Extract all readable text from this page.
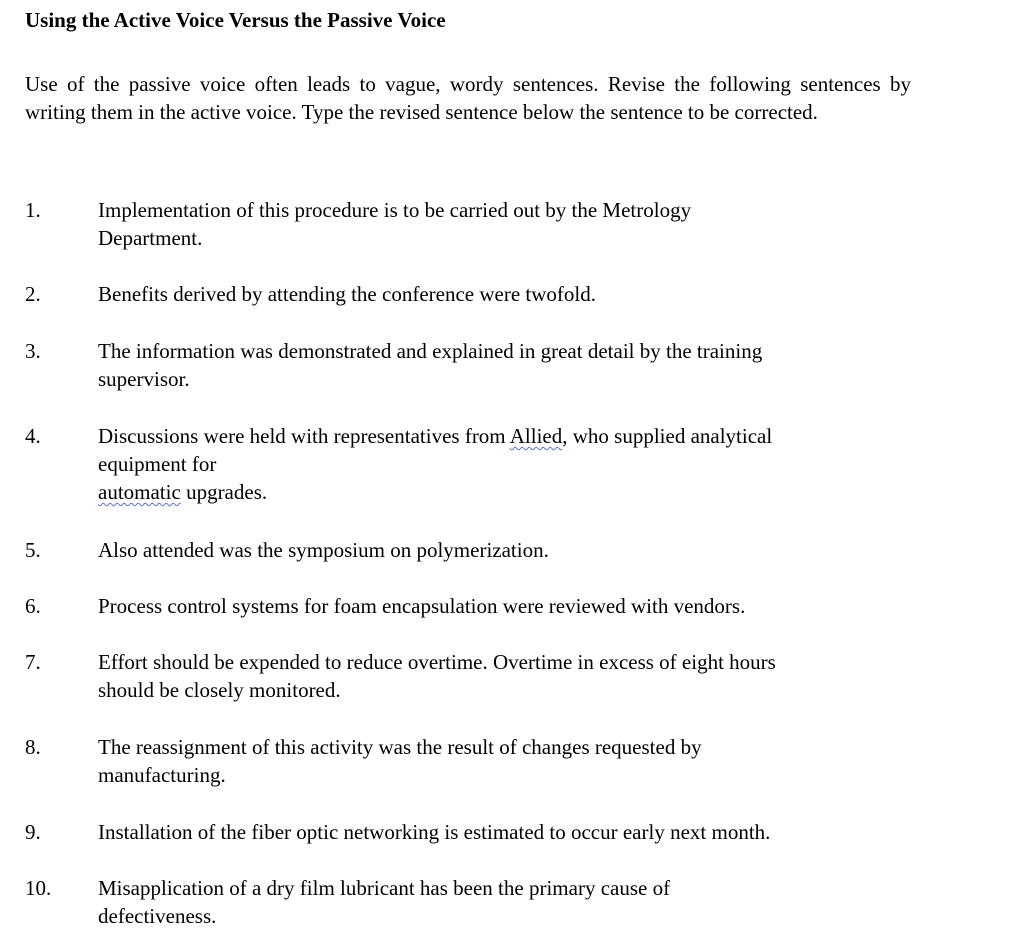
Using the Active Voice Versus the Passive Voice

Use of the passive voice often leads to vague, wordy sentences. Revise the following sentences by writing them in the active voice. Type the revised sentence below the sentence to be corrected.

1.	Implementation of this procedure is to be carried out by the Metrology
Department.
2.	Benefits derived by attending the conference were twofold.
3.	The information was demonstrated and explained in great detail by the training
supervisor.
4.	Discussions were held with representatives from Allied, who supplied analytical
equipment for
automatic upgrades.
5.	Also attended was the symposium on polymerization.
6.	Process control systems for foam encapsulation were reviewed with vendors.
7.	Effort should be expended to reduce overtime. Overtime in excess of eight hours
should be closely monitored.
8.	The reassignment of this activity was the result of changes requested by
manufacturing.
9.	Installation of the fiber optic networking is estimated to occur early next month.
10.	Misapplication of a dry film lubricant has been the primary cause of
defectiveness.
